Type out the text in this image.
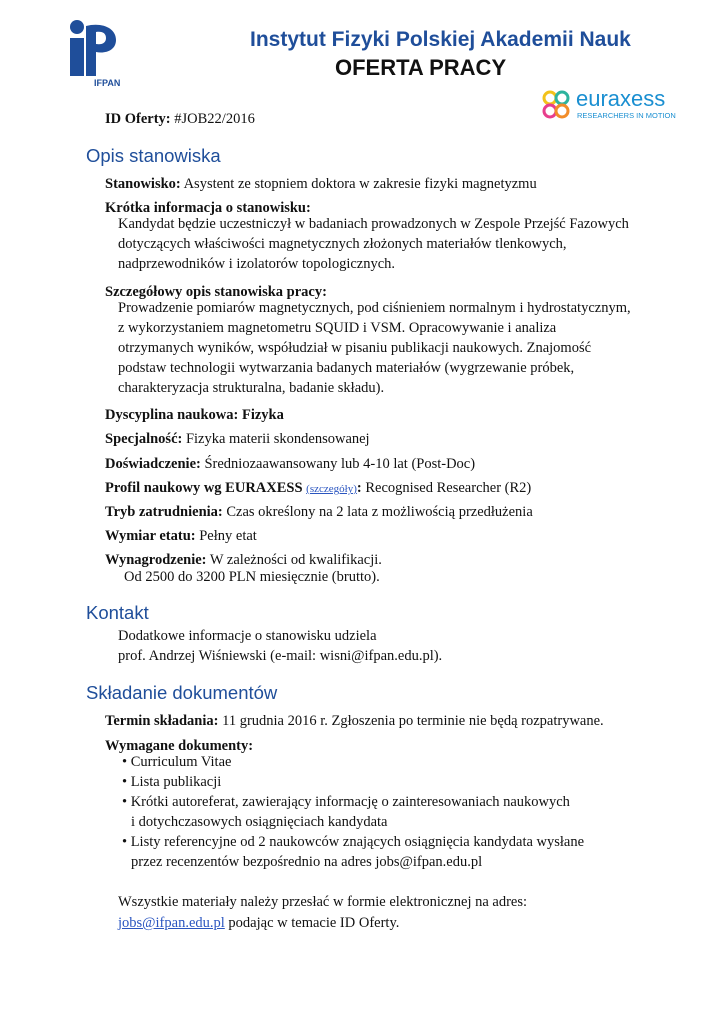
IFPAN
Instytut Fizyki Polskiej Akademii Nauk
OFERTA PRACY
euraxess
RESEARCHERS IN MOTION
ID Oferty: #JOB22/2016
Opis stanowiska
Stanowisko: Asystent ze stopniem doktora w zakresie fizyki magnetyzmu
Krótka informacja o stanowisku:
Kandydat będzie uczestniczył w badaniach prowadzonych w Zespole Przejść Fazowych
dotyczących właściwości magnetycznych złożonych materiałów tlenkowych,
nadprzewodników i izolatorów topologicznych.
Szczegółowy opis stanowiska pracy:
Prowadzenie pomiarów magnetycznych, pod ciśnieniem normalnym i hydrostatycznym,
z wykorzystaniem magnetometru SQUID i VSM. Opracowywanie i analiza
otrzymanych wyników, współudział w pisaniu publikacji naukowych. Znajomość
podstaw technologii wytwarzania badanych materiałów (wygrzewanie próbek,
charakteryzacja strukturalna, badanie składu).
Dyscyplina naukowa: Fizyka
Specjalność: Fizyka materii skondensowanej
Doświadczenie: Średniozaawansowany lub 4-10 lat (Post-Doc)
Profil naukowy wg EURAXESS (szczegóły): Recognised Researcher (R2)
Tryb zatrudnienia: Czas określony na 2 lata z możliwością przedłużenia
Wymiar etatu: Pełny etat
Wynagrodzenie: W zależności od kwalifikacji.
Od 2500 do 3200 PLN miesięcznie (brutto).
Kontakt
Dodatkowe informacje o stanowisku udziela
prof. Andrzej Wiśniewski (e-mail: wisni@ifpan.edu.pl).
Składanie dokumentów
Termin składania: 11 grudnia 2016 r. Zgłoszenia po terminie nie będą rozpatrywane.
Wymagane dokumenty:
• Curriculum Vitae
• Lista publikacji
• Krótki autoreferat, zawierający informację o zainteresowaniach naukowych
i dotychczasowych osiągnięciach kandydata
• Listy referencyjne od 2 naukowców znających osiągnięcia kandydata wysłane
przez recenzentów bezpośrednio na adres jobs@ifpan.edu.pl
Wszystkie materiały należy przesłać w formie elektronicznej na adres:
jobs@ifpan.edu.pl podając w temacie ID Oferty.
